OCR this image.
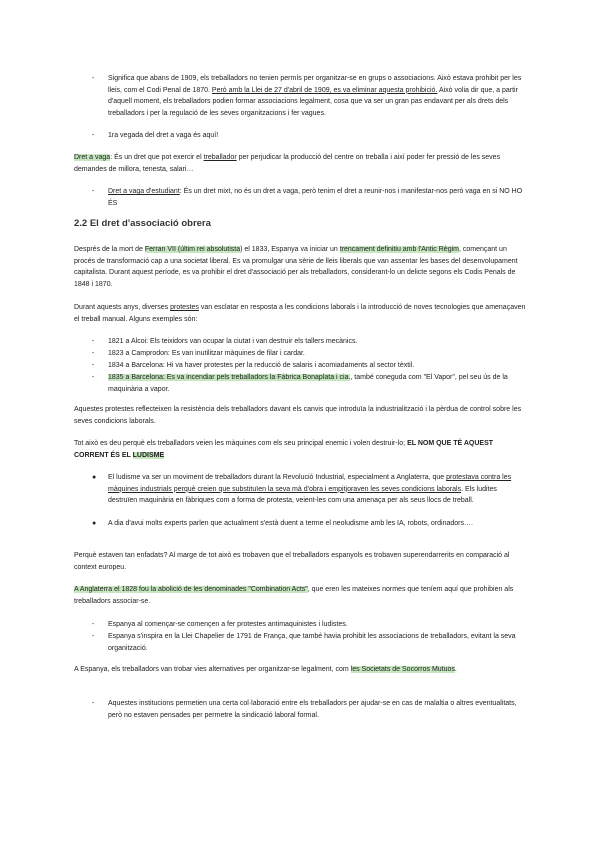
- Significa que abans de 1909, els treballadors no tenien permís per organitzar-se en grups o associacions. Això estava prohibit per les lleis, com el Codi Penal de 1870. Però amb la Llei de 27 d'abril de 1909, es va eliminar aquesta prohibició. Això volia dir que, a partir d'aquell moment, els treballadors podien formar associacions legalment, cosa que va ser un gran pas endavant per als drets dels treballadors i per la regulació de les seves organitzacions i fer vagues.
- 1ra vegada del dret a vaga és aquí!
Dret a vaga: És un dret que pot exercir el treballador per perjudicar la producció del centre on treballa i així poder fer pressió de les seves demandes de millora, tenesta, salari…
- Dret a vaga d'estudiant: És un dret mixt, no és un dret a vaga, però tenim el dret a reunir-nos i manifestar-nos però vaga en si NO HO ÉS
2.2 El dret d'associació obrera
Després de la mort de Ferran VII (últim rei absolutista) el 1833, Espanya va iniciar un trencament definitiu amb l'Antic Règim, començant un procés de transformació cap a una societat liberal. Es va promulgar una sèrie de lleis liberals que van assentar les bases del desenvolupament capitalista. Durant aquest període, es va prohibir el dret d'associació per als treballadors, considerant-lo un delicte segons els Codis Penals de 1848 i 1870.
Durant aquests anys, diverses protestes van esclatar en resposta a les condicions laborals i la introducció de noves tecnologies que amenaçaven el treball manual. Alguns exemples són:
- 1821 a Alcoi: Els teixidors van ocupar la ciutat i van destruir els tallers mecànics.
- 1823 a Camprodon: Es van inutilitzar màquines de filar i cardar.
- 1834 a Barcelona: Hi va haver protestes per la reducció de salaris i acomiadaments al sector tèxtil.
- 1835 a Barcelona: Es va incendiar pels treballadors la Fàbrica Bonaplata i cia., també coneguda com "El Vapor", pel seu ús de la maquinària a vapor.
Aquestes protestes reflecteixen la resistència dels treballadors davant els canvis que introduïa la industrialització i la pèrdua de control sobre les seves condicions laborals.
Tot això es deu perquè els treballadors veien les màquines com els seu principal enemic i volen destruir-lo; EL NOM QUE TÉ AQUEST CORRENT ÉS EL LUDISME
● El ludisme va ser un moviment de treballadors durant la Revolució Industrial, especialment a Anglaterra, que protestava contra les màquines industrials perquè creien que substituïen la seva mà d'obra i empitjoraven les seves condicions laborals. Els ludites destruïen maquinària en fàbriques com a forma de protesta, veient-les com una amenaça per als seus llocs de treball.
● A dia d'avui molts experts parlen que actualment s'està duent a terme el neoludisme amb les IA, robots, ordinadors….
Perquè estaven tan enfadats? Al marge de tot això es trobaven que el treballadors espanyols es trobaven superendarrerits en comparació al context europeu.
A Anglaterra el 1828 fou la abolició de les denominades "Combination Acts", que eren les mateixes normes que teníem aquí que prohibien als treballadors associar-se.
- Espanya al començar-se començen a fer protestes antimaquinistes i ludistes.
- Espanya s'inspira en la Llei Chapelier de 1791 de França, que també havia prohibit les associacions de treballadors, evitant la seva organització.
A Espanya, els treballadors van trobar vies alternatives per organitzar-se legalment, com les Societats de Socorros Mutuos.
- Aquestes institucions permetien una certa col·laboració entre els treballadors per ajudar-se en cas de malaltia o altres eventualitats, però no estaven pensades per permetre la sindicació laboral formal.
